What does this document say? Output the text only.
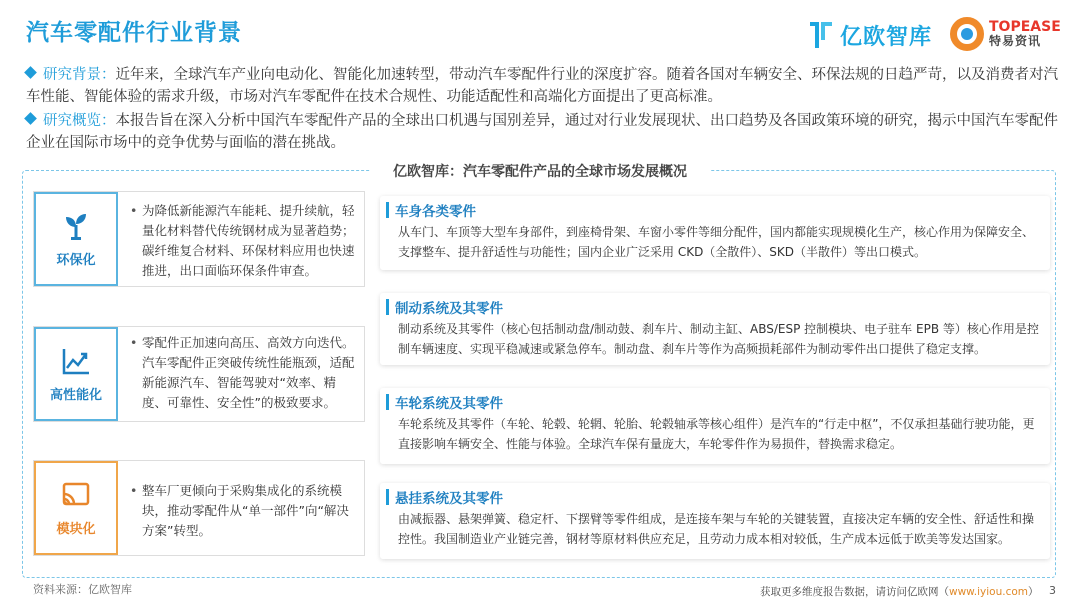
汽车零配件行业背景	亿欧智库	TOPEASE
特易资讯
研究背景：近年来，全球汽车产业向电动化、智能化加速转型，带动汽车零配件行业的深度扩容。随着各国对车辆安全、环保法规的日趋严苛，以及消费者对汽车性能、智能体验的需求升级，市场对汽车零配件在技术合规性、功能适配性和高端化方面提出了更高标准。
研究概览：本报告旨在深入分析中国汽车零配件产品的全球出口机遇与国别差异，通过对行业发展现状、出口趋势及各国政策环境的研究，揭示中国汽车零配件企业在国际市场中的竞争优势与面临的潜在挑战。
亿欧智库：汽车零配件产品的全球市场发展概况
环保化
• 为降低新能源汽车能耗、提升续航，轻量化材料替代传统钢材成为显著趋势；碳纤维复合材料、环保材料应用也快速推进，出口面临环保条件审查。
高性能化
• 零配件正加速向高压、高效方向迭代。汽车零配件正突破传统性能瓶颈，适配新能源汽车、智能驾驶对“效率、精度、可靠性、安全性”的极致要求。
模块化
• 整车厂更倾向于采购集成化的系统模块，推动零配件从“单一部件”向“解决方案”转型。
车身各类零件
从车门、车顶等大型车身部件，到座椅骨架、车窗小零件等细分配件，国内都能实现规模化生产，核心作用为保障安全、支撑整车、提升舒适性与功能性；国内企业广泛采用 CKD（全散件）、SKD（半散件）等出口模式。
制动系统及其零件
制动系统及其零件（核心包括制动盘/制动鼓、刹车片、制动主缸、ABS/ESP 控制模块、电子驻车 EPB 等）核心作用是控制车辆速度、实现平稳减速或紧急停车。制动盘、刹车片等作为高频损耗部件为制动零件出口提供了稳定支撑。
车轮系统及其零件
车轮系统及其零件（车轮、轮毂、轮辋、轮胎、轮毂轴承等核心组件）是汽车的“行走中枢”，不仅承担基础行驶功能，更直接影响车辆安全、性能与体验。全球汽车保有量庞大，车轮零件作为易损件，替换需求稳定。
悬挂系统及其零件
由减振器、悬架弹簧、稳定杆、下摆臂等零件组成，是连接车架与车轮的关键装置，直接决定车辆的安全性、舒适性和操控性。我国制造业产业链完善，钢材等原材料供应充足，且劳动力成本相对较低，生产成本远低于欧美等发达国家。
资料来源：亿欧智库	获取更多维度报告数据，请访问亿欧网（www.iyiou.com） 3
